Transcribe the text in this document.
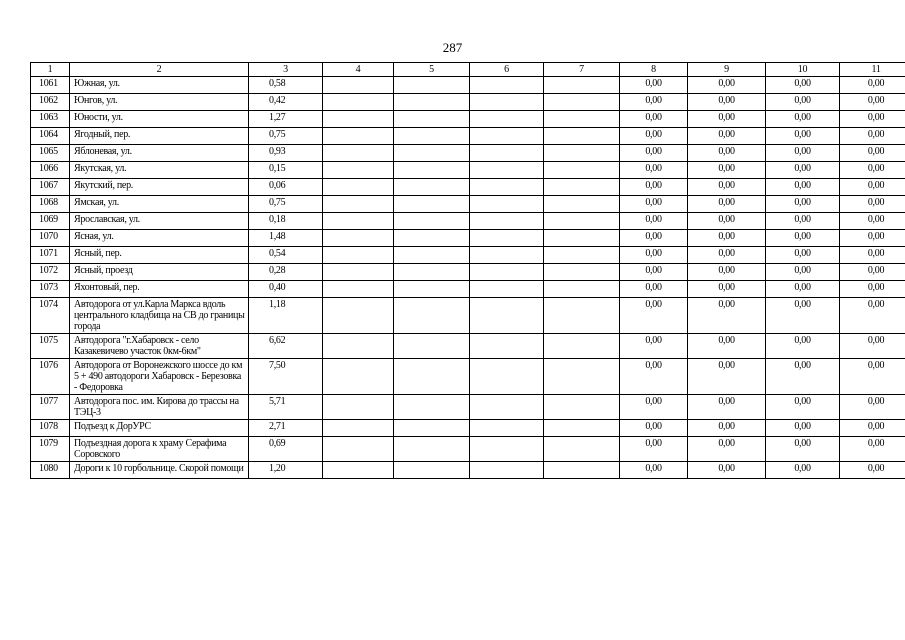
287
1	2	3	4	5	6	7	8	9	10	11
1061	Южная, ул.	0,58					0,00	0,00	0,00	0,00
1062	Юнгов, ул.	0,42					0,00	0,00	0,00	0,00
1063	Юности, ул.	1,27					0,00	0,00	0,00	0,00
1064	Ягодный, пер.	0,75					0,00	0,00	0,00	0,00
1065	Яблоневая, ул.	0,93					0,00	0,00	0,00	0,00
1066	Якутская, ул.	0,15					0,00	0,00	0,00	0,00
1067	Якутский, пер.	0,06					0,00	0,00	0,00	0,00
1068	Ямская, ул.	0,75					0,00	0,00	0,00	0,00
1069	Ярославская, ул.	0,18					0,00	0,00	0,00	0,00
1070	Ясная, ул.	1,48					0,00	0,00	0,00	0,00
1071	Ясный, пер.	0,54					0,00	0,00	0,00	0,00
1072	Ясный, проезд	0,28					0,00	0,00	0,00	0,00
1073	Яхонтовый, пер.	0,40					0,00	0,00	0,00	0,00
1074	Автодорога от ул.Карла Маркса вдоль центрального кладбища на СВ до границы города	1,18					0,00	0,00	0,00	0,00
1075	Автодорога "г.Хабаровск - село Казакевичево участок 0км-6км"	6,62					0,00	0,00	0,00	0,00
1076	Автодорога от Воронежского шоссе до км 5 + 490 автодороги Хабаровск - Березовка - Федоровка	7,50					0,00	0,00	0,00	0,00
1077	Автодорога пос. им. Кирова до трассы на ТЭЦ-3	5,71					0,00	0,00	0,00	0,00
1078	Подъезд к ДорУРС	2,71					0,00	0,00	0,00	0,00
1079	Подъездная дорога к храму Серафима Соровского	0,69					0,00	0,00	0,00	0,00
1080	Дороги к 10 горбольнице. Скорой помощи	1,20					0,00	0,00	0,00	0,00
